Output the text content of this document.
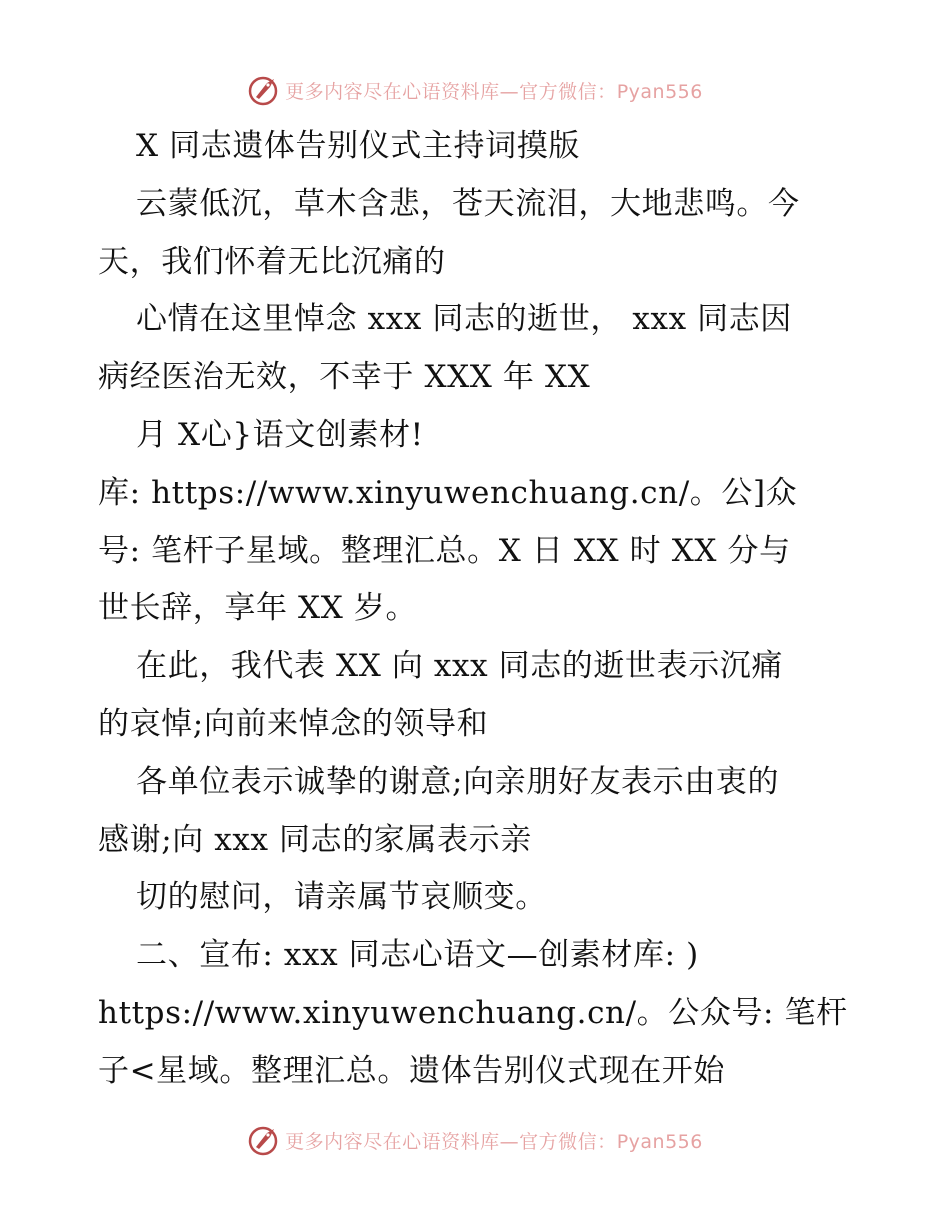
更多内容尽在心语资料库—官方微信：Pyan556
X 同志遗体告别仪式主持词摸版
云蒙低沉，草木含悲，苍天流泪，大地悲鸣。今
天，我们怀着无比沉痛的
心情在这里悼念 xxx 同志的逝世， xxx 同志因
病经医治无效，不幸于 XXX 年 XX
月 X心}语文创素材!
库: https://www.xinyuwenchuang.cn/。公]众
号: 笔杆子星域。整理汇总。X 日 XX 时 XX 分与
世长辞，享年 XX 岁。
在此，我代表 XX 向 xxx 同志的逝世表示沉痛
的哀悼;向前来悼念的领导和
各单位表示诚挚的谢意;向亲朋好友表示由衷的
感谢;向 xxx 同志的家属表示亲
切的慰问，请亲属节哀顺变。
二、宣布: xxx 同志心语文—创素材库: )
https://www.xinyuwenchuang.cn/。公众号: 笔杆
子<星域。整理汇总。遗体告别仪式现在开始
更多内容尽在心语资料库—官方微信：Pyan556
